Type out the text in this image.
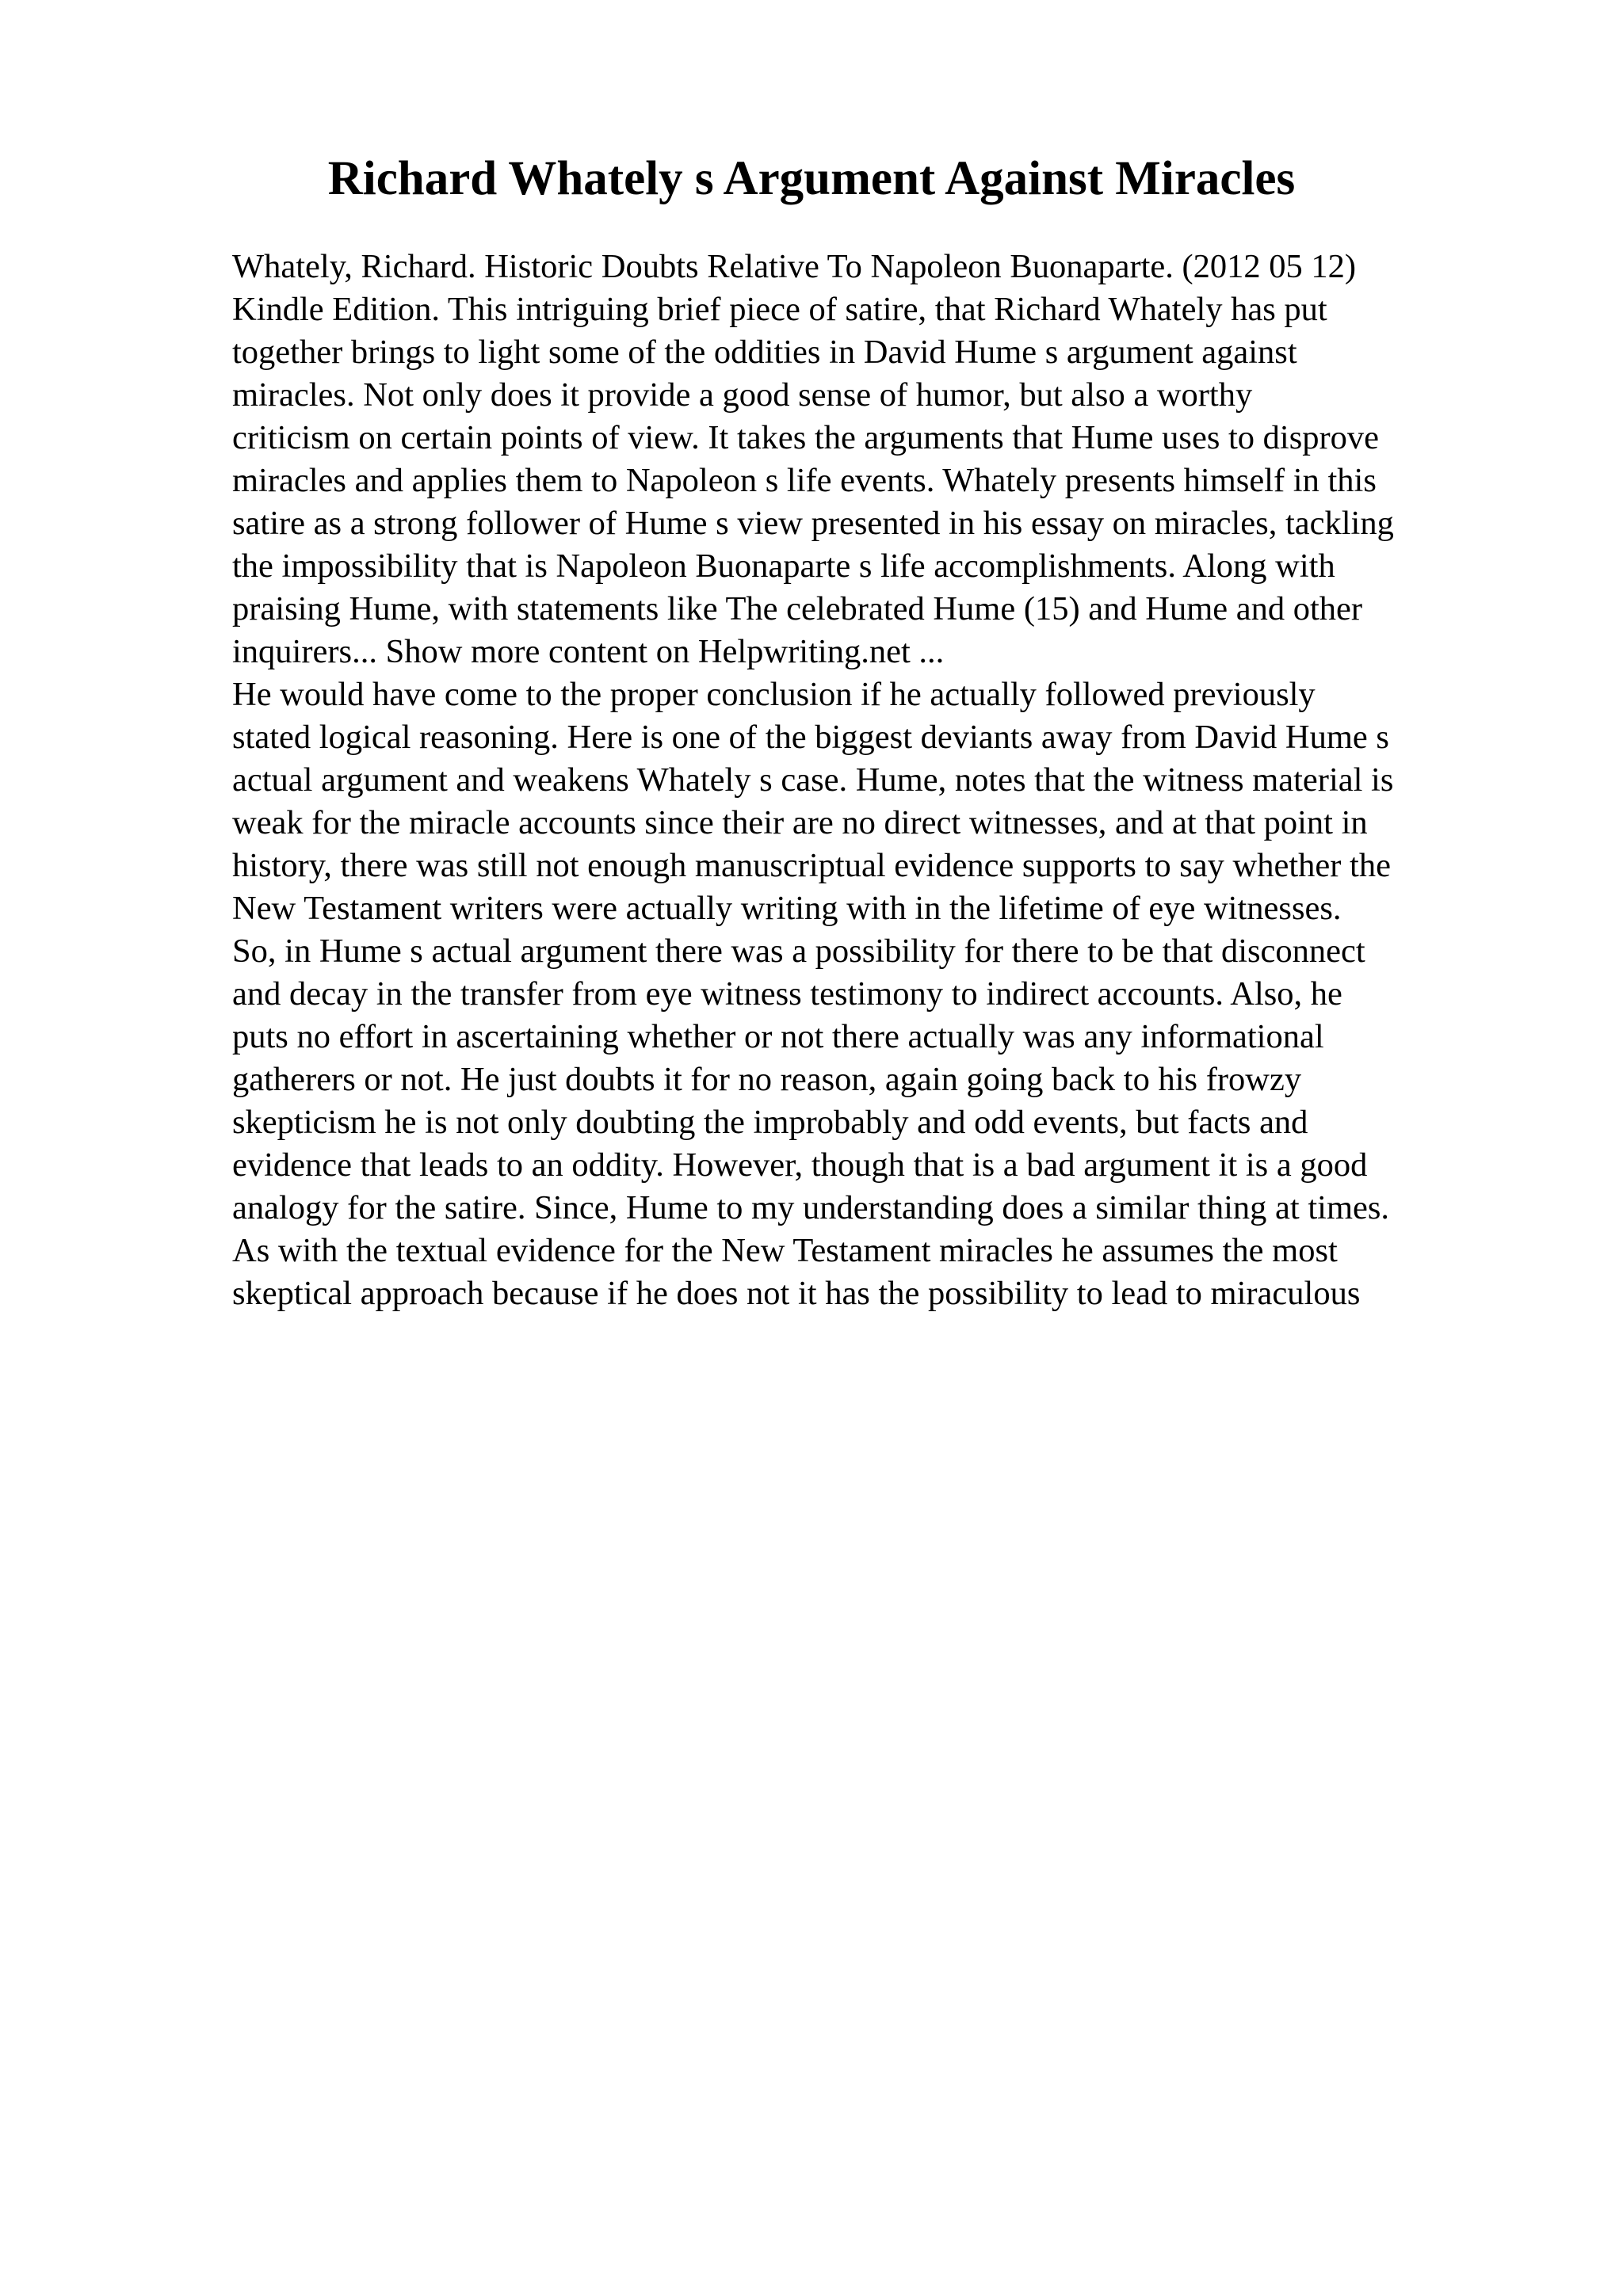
Richard Whately s Argument Against Miracles
Whately, Richard. Historic Doubts Relative To Napoleon Buonaparte. (2012 05 12)
Kindle Edition. This intriguing brief piece of satire, that Richard Whately has put
together brings to light some of the oddities in David Hume s argument against
miracles. Not only does it provide a good sense of humor, but also a worthy
criticism on certain points of view. It takes the arguments that Hume uses to disprove
miracles and applies them to Napoleon s life events. Whately presents himself in this
satire as a strong follower of Hume s view presented in his essay on miracles, tackling
the impossibility that is Napoleon Buonaparte s life accomplishments. Along with
praising Hume, with statements like The celebrated Hume (15) and Hume and other
inquirers... Show more content on Helpwriting.net ...
He would have come to the proper conclusion if he actually followed previously
stated logical reasoning. Here is one of the biggest deviants away from David Hume s
actual argument and weakens Whately s case. Hume, notes that the witness material is
weak for the miracle accounts since their are no direct witnesses, and at that point in
history, there was still not enough manuscriptual evidence supports to say whether the
New Testament writers were actually writing with in the lifetime of eye witnesses.
So, in Hume s actual argument there was a possibility for there to be that disconnect
and decay in the transfer from eye witness testimony to indirect accounts. Also, he
puts no effort in ascertaining whether or not there actually was any informational
gatherers or not. He just doubts it for no reason, again going back to his frowzy
skepticism he is not only doubting the improbably and odd events, but facts and
evidence that leads to an oddity. However, though that is a bad argument it is a good
analogy for the satire. Since, Hume to my understanding does a similar thing at times.
As with the textual evidence for the New Testament miracles he assumes the most
skeptical approach because if he does not it has the possibility to lead to miraculous
